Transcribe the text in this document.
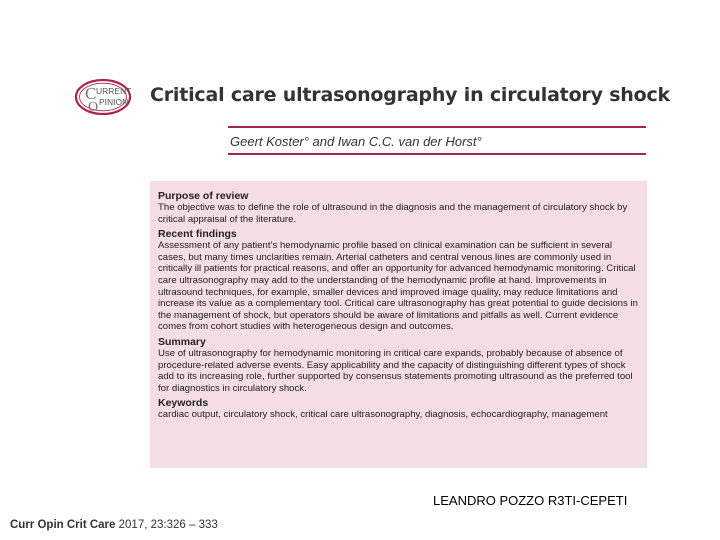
C
O
URRENT
PINION Critical care ultrasonography in circulatory shock
Geert Koster° and Iwan C.C. van der Horst°
Purpose of review

The objective was to define the role of ultrasound in the diagnosis and the management of circulatory shock by critical appraisal of the literature.

Recent findings

Assessment of any patient’s hemodynamic profile based on clinical examination can be sufficient in several cases, but many times unclarities remain. Arterial catheters and central venous lines are commonly used in critically ill patients for practical reasons, and offer an opportunity for advanced hemodynamic monitoring. Critical care ultrasonography may add to the understanding of the hemodynamic profile at hand. Improvements in ultrasound techniques, for example, smaller devices and improved image quality, may reduce limitations and increase its value as a complementary tool. Critical care ultrasonography has great potential to guide decisions in the management of shock, but operators should be aware of limitations and pitfalls as well. Current evidence comes from cohort studies with heterogeneous design and outcomes.

Summary

Use of ultrasonography for hemodynamic monitoring in critical care expands, probably because of absence of procedure-related adverse events. Easy applicability and the capacity of distinguishing different types of shock add to its increasing role, further supported by consensus statements promoting ultrasound as the preferred tool for diagnostics in circulatory shock.

Keywords

cardiac output, circulatory shock, critical care ultrasonography, diagnosis, echocardiography, management

LEANDRO POZZO R3TI-CEPETI
Curr Opin Crit Care 2017, 23:326 – 333
